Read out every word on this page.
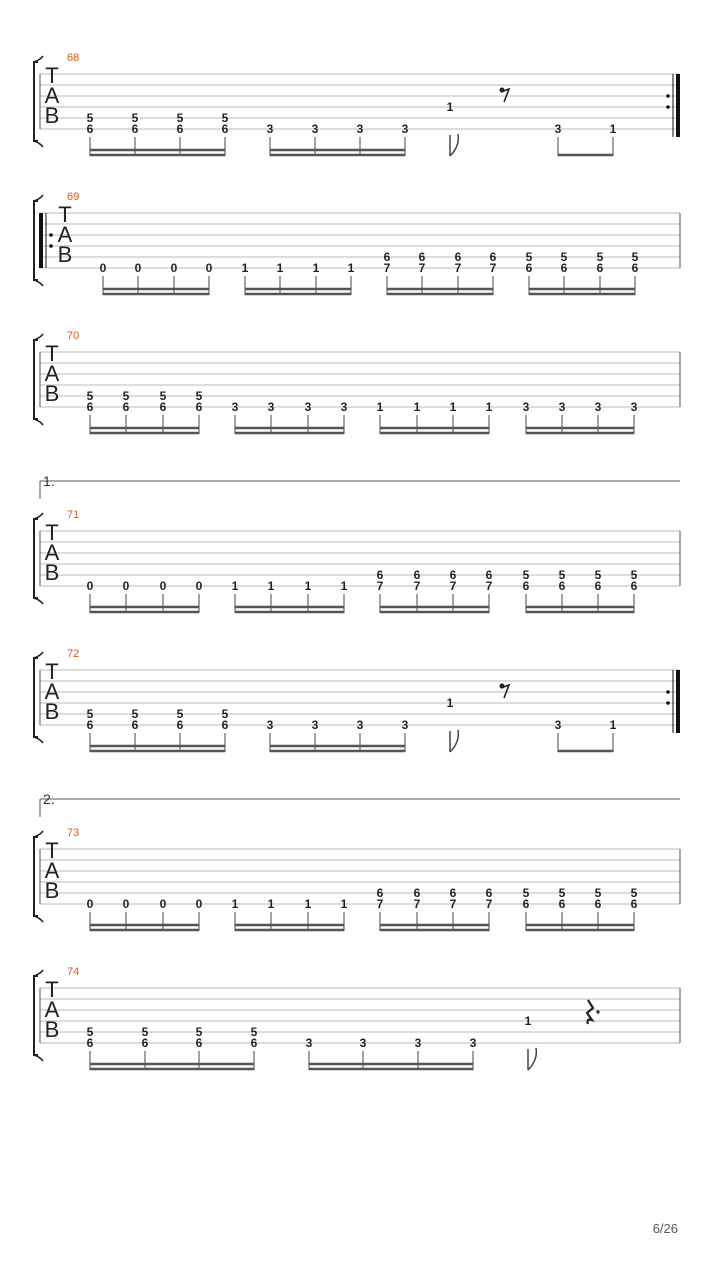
T
A
B
68
5
6
5
6
5
6
5
6	3	3	3	3
1
3	1
T
A
B
69
0 0 0 0 1 1 1 1
6
7
6
7
6
7
6
7
5
6
5
6
5
6
5
6
T
A
B
70
5
6
5
6
5
6
5
6 3 3	3 3 1	1 1 1	3 3 3 3
1.
T
A
B
71
0 0	0 0 1 1	1 1
6
7
6
7
6
7
6
7
5
6
5
6
5
6
5
6
T
A
B
72
5
6
5
6
5
6
5
6	3	3	3	3
1
3	1
2.
T
A
B
73
0 0	0 0 1 1	1 1
6
7
6
7
6
7
6
7
5
6
5
6
5
6
5
6
T
A
B
74
5
6
5
6
5
6
5
6	3	3	3	3
1
6/26
